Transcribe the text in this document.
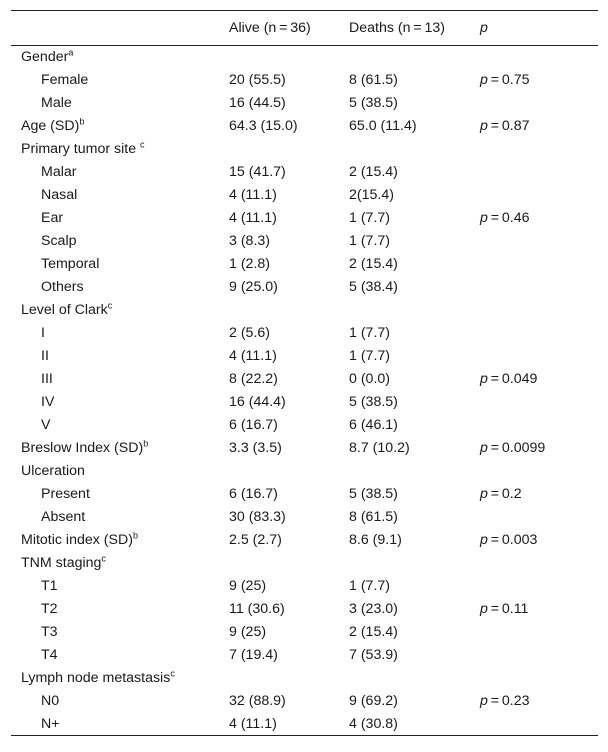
	Alive (n = 36)	Deaths (n = 13)	p
Gender$^a$			
Female	20 (55.5)	8 (61.5)	p = 0.75
Male	16 (44.5)	5 (38.5)	
Age (SD)$^b$	64.3 (15.0)	65.0 (11.4)	p = 0.87
Primary tumor site $^c$			
Malar	15 (41.7)	2 (15.4)	
Nasal	4 (11.1)	2(15.4)	
Ear	4 (11.1)	1 (7.7)	p = 0.46
Scalp	3 (8.3)	1 (7.7)	
Temporal	1 (2.8)	2 (15.4)	
Others	9 (25.0)	5 (38.4)	
Level of Clark$^c$			
I	2 (5.6)	1 (7.7)	
II	4 (11.1)	1 (7.7)	
III	8 (22.2)	0 (0.0)	p = 0.049
IV	16 (44.4)	5 (38.5)	
V	6 (16.7)	6 (46.1)	
Breslow Index (SD)$^b$	3.3 (3.5)	8.7 (10.2)	p = 0.0099
Ulceration			
Present	6 (16.7)	5 (38.5)	p = 0.2
Absent	30 (83.3)	8 (61.5)	
Mitotic index (SD)$^b$	2.5 (2.7)	8.6 (9.1)	p = 0.003
TNM staging$^c$			
T1	9 (25)	1 (7.7)	
T2	11 (30.6)	3 (23.0)	p = 0.11
T3	9 (25)	2 (15.4)	
T4	7 (19.4)	7 (53.9)	
Lymph node metastasis$^c$			
N0	32 (88.9)	9 (69.2)	p = 0.23
N+	4 (11.1)	4 (30.8)	
